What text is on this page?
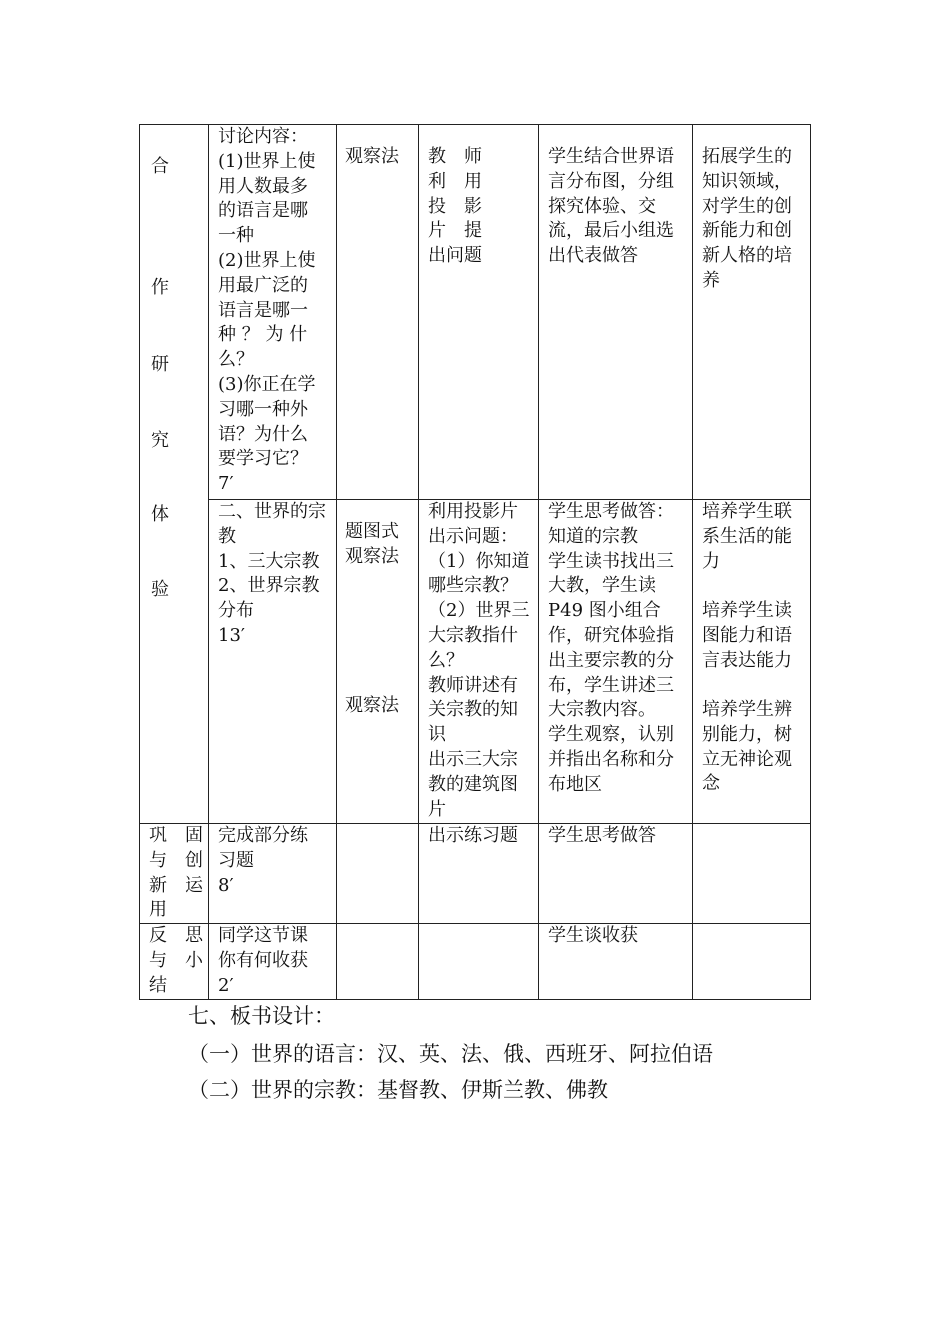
合
作
研
究
体
验
讨论内容：
(1)世界上使
用人数最多
的语言是哪
一种
(2)世界上使
用最广泛的
语言是哪一
种 ？ 为 什
么？
(3)你正在学
习哪一种外
语？为什么
要学习它？
7′
观察法 教　师
利　用
投　影
片　提
出问题
学生结合世界语
言分布图，分组
探究体验、交
流，最后小组选
出代表做答
拓展学生的
知识领域，
对学生的创
新能力和创
新人格的培
养
二、世界的宗
教
1、三大宗教
2、世界宗教
分布
13′
题图式
观察法
观察法
利用投影片
出示问题：
（1）你知道
哪些宗教？
（2）世界三
大宗教指什
么？
教师讲述有
关宗教的知
识
出示三大宗
教的建筑图
片
学生思考做答：
知道的宗教
学生读书找出三
大教，学生读
P49 图小组合
作，研究体验指
出主要宗教的分
布，学生讲述三
大宗教内容。
学生观察，认别
并指出名称和分
布地区
培养学生联
系生活的能
力
培养学生读
图能力和语
言表达能力
培养学生辨
别能力，树
立无神论观
念
巩　固
与　创
新　运
用
完成部分练
习题
8′
出示练习题 学生思考做答
反　思
与　小
结
同学这节课
你有何收获
2′
学生谈收获
七、板书设计：
（一）世界的语言：汉、英、法、俄、西班牙、阿拉伯语
（二）世界的宗教：基督教、伊斯兰教、佛教
